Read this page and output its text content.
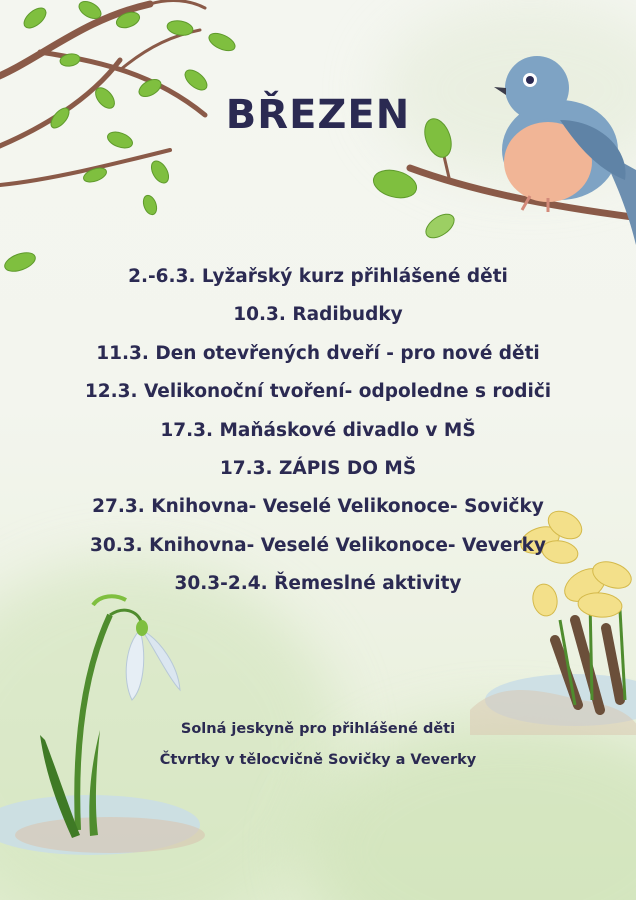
BŘEZEN
2.-6.3. Lyžařský kurz přihlášené děti
10.3. Radibudky
11.3. Den otevřených dveří - pro nové děti
12.3. Velikonoční tvoření- odpoledne s rodiči
17.3. Maňáskové divadlo v MŠ
17.3. ZÁPIS DO MŠ
27.3. Knihovna- Veselé Velikonoce- Sovičky
30.3. Knihovna- Veselé Velikonoce- Veverky
30.3-2.4. Řemeslné aktivity
Solná jeskyně pro přihlášené děti
Čtvrtky v tělocvičně Sovičky a Veverky
